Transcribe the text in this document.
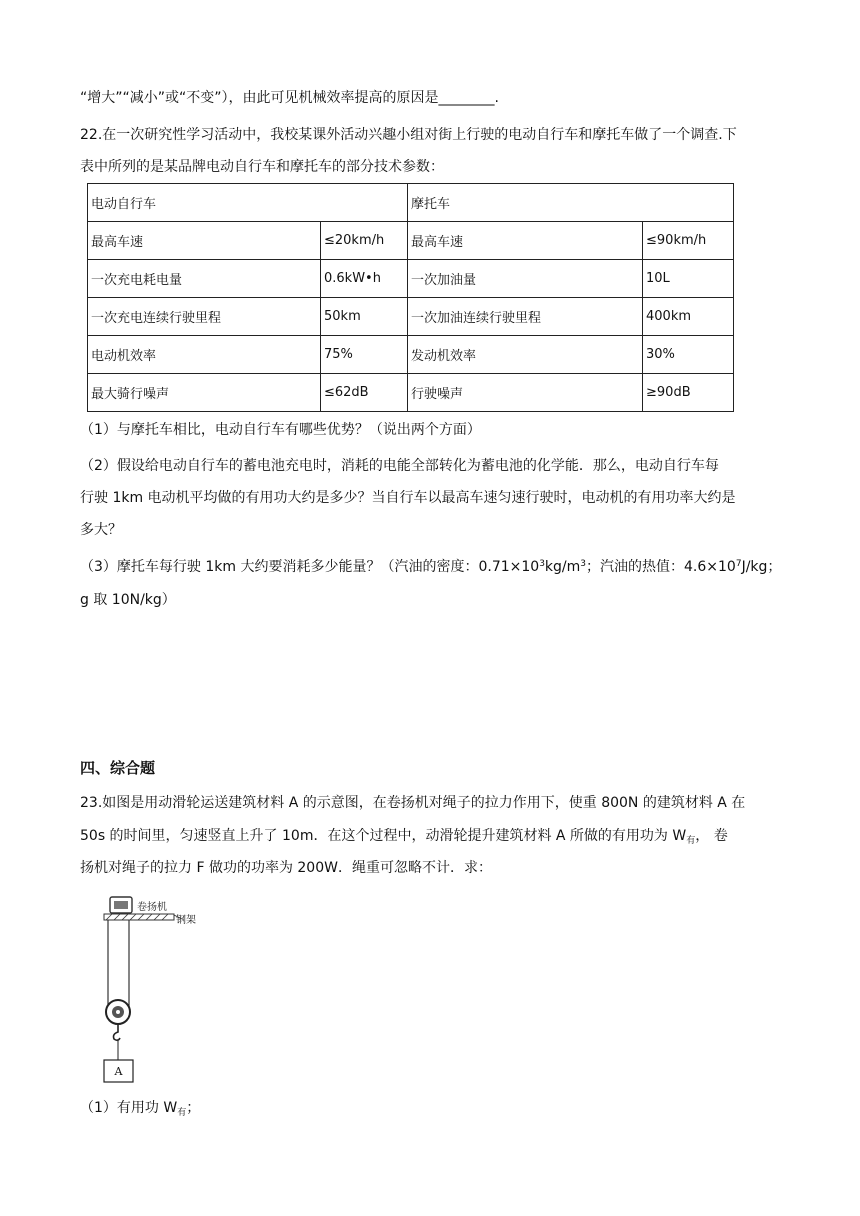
“增大”“减小”或“不变”），由此可见机械效率提高的原因是________.
22.在一次研究性学习活动中，我校某课外活动兴趣小组对街上行驶的电动自行车和摩托车做了一个调查.下
表中所列的是某品牌电动自行车和摩托车的部分技术参数：
电动自行车		摩托车	
最高车速	≤20km/h	最高车速	≤90km/h
一次充电耗电量	0.6kW•h	一次加油量	10L
一次充电连续行驶里程	50km	一次加油连续行驶里程	400km
电动机效率	75%	发动机效率	30%
最大骑行噪声	≤62dB	行驶噪声	≥90dB
（1）与摩托车相比，电动自行车有哪些优势？（说出两个方面）
（2）假设给电动自行车的蓄电池充电时，消耗的电能全部转化为蓄电池的化学能．那么，电动自行车每
行驶 1km 电动机平均做的有用功大约是多少？当自行车以最高车速匀速行驶时，电动机的有用功率大约是
多大？
（3）摩托车每行驶 1km 大约要消耗多少能量？（汽油的密度：$0.71\times 10^3kg/m^3$；汽油的热值：$4.6\times 10^7J/kg$；
g 取 10N/kg）
四、综合题
23.如图是用动滑轮运送建筑材料 A 的示意图，在卷扬机对绳子的拉力作用下，使重 800N 的建筑材料 A 在
50s 的时间里，匀速竖直上升了 10m．在这个过程中，动滑轮提升建筑材料 A 所做的有用功为 $W_有$， 卷
扬机对绳子的拉力 F 做功的功率为 200W．绳重可忽略不计．求：
卷扬机
钢架
A
（1）有用功 $W_有$；
